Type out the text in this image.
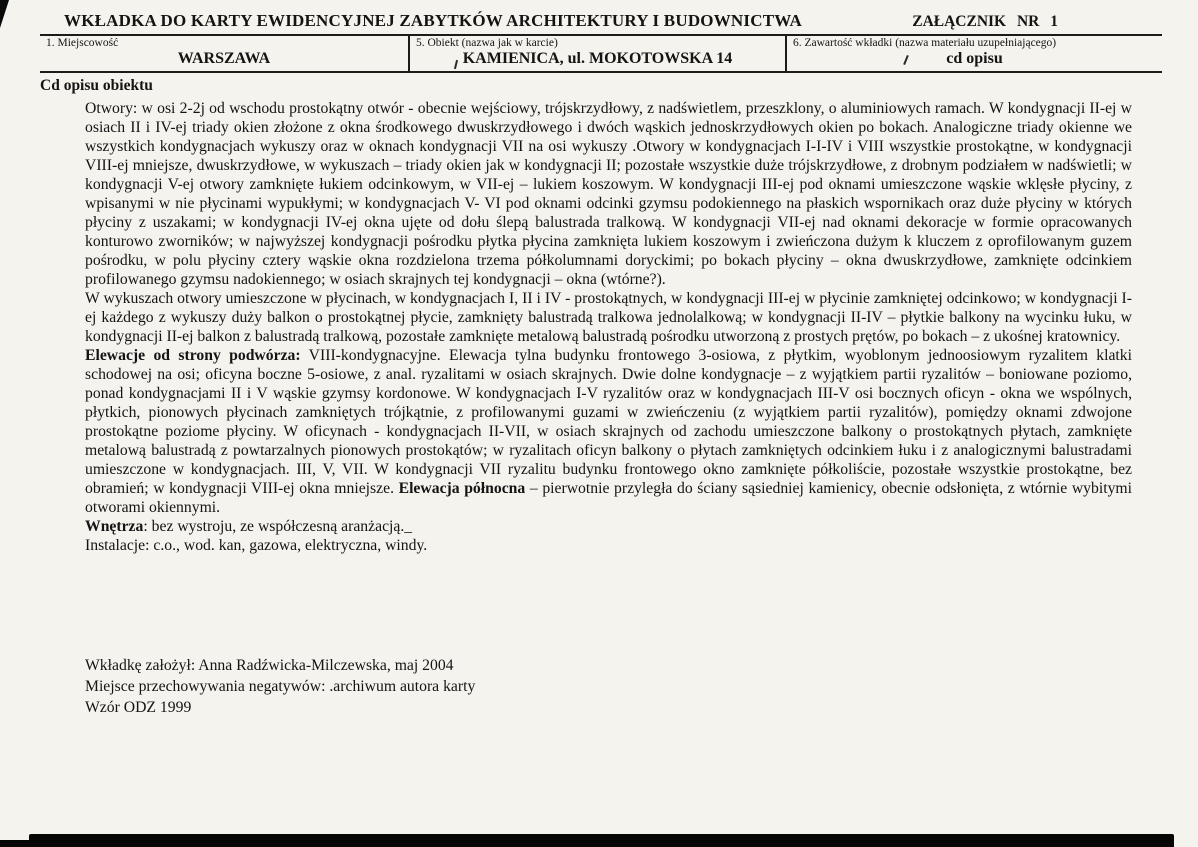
WKŁADKA DO KARTY EWIDENCYJNEJ ZABYTKÓW ARCHITEKTURY I BUDOWNICTWA	ZAŁĄCZNIK NR 1
1. Miejscowość
WARSZAWA
5. Obiekt (nazwa jak w karcie)
KAMIENICA, ul. MOKOTOWSKA 14
6. Zawartość wkładki (nazwa materiału uzupełniającego)
cd opisu
Cd opisu obiektu

Otwory: w osi 2-2j od wschodu prostokątny otwór - obecnie wejściowy, trójskrzydłowy, z nadświetlem, przeszklony, o aluminiowych ramach. W kondygnacji II-ej w osiach II i IV-ej triady okien złożone z okna środkowego dwuskrzydłowego i dwóch wąskich jednoskrzydłowych okien po bokach. Analogiczne triady okienne we wszystkich kondygnacjach wykuszy oraz w oknach kondygnacji VII na osi wykuszy .Otwory w kondygnacjach I-I-IV i VIII wszystkie prostokątne, w kondygnacji VIII-ej mniejsze, dwuskrzydłowe, w wykuszach – triady okien jak w kondygnacji II; pozostałe wszystkie duże trójskrzydłowe, z drobnym podziałem w nadświetli; w kondygnacji V-ej otwory zamknięte łukiem odcinkowym, w VII-ej – lukiem koszowym. W kondygnacji III-ej pod oknami umieszczone wąskie wklęsłe płyciny, z wpisanymi w nie płycinami wypukłymi; w kondygnacjach V- VI pod oknami odcinki gzymsu podokiennego na płaskich wspornikach oraz duże płyciny w których płyciny z uszakami; w kondygnacji IV-ej okna ujęte od dołu ślepą balustrada tralkową. W kondygnacji VII-ej nad oknami dekoracje w formie opracowanych konturowo zworników; w najwyższej kondygnacji pośrodku płytka płycina zamknięta lukiem koszowym i zwieńczona dużym k kluczem z oprofilowanym guzem pośrodku, w polu płyciny cztery wąskie okna rozdzielona trzema półkolumnami doryckimi; po bokach płyciny – okna dwuskrzydłowe, zamknięte odcinkiem profilowanego gzymsu nadokiennego; w osiach skrajnych tej kondygnacji – okna (wtórne?).

W wykuszach otwory umieszczone w płycinach, w kondygnacjach I, II i IV - prostokątnych, w kondygnacji III-ej w płycinie zamkniętej odcinkowo; w kondygnacji I-ej każdego z wykuszy duży balkon o prostokątnej płycie, zamknięty balustradą tralkowa jednolalkową; w kondygnacji II-IV – płytkie balkony na wycinku łuku, w kondygnacji II-ej balkon z balustradą tralkową, pozostałe zamknięte metalową balustradą pośrodku utworzoną z prostych prętów, po bokach – z ukośnej kratownicy.

Elewacje od strony podwórza: VIII-kondygnacyjne. Elewacja tylna budynku frontowego 3-osiowa, z płytkim, wyoblonym jednoosiowym ryzalitem klatki schodowej na osi; oficyna boczne 5-osiowe, z anal. ryzalitami w osiach skrajnych. Dwie dolne kondygnacje – z wyjątkiem partii ryzalitów – boniowane poziomo, ponad kondygnacjami II i V wąskie gzymsy kordonowe. W kondygnacjach I-V ryzalitów oraz w kondygnacjach III-V osi bocznych oficyn - okna we wspólnych, płytkich, pionowych płycinach zamkniętych trójkątnie, z profilowanymi guzami w zwieńczeniu (z wyjątkiem partii ryzalitów), pomiędzy oknami zdwojone prostokątne poziome płyciny. W oficynach - kondygnacjach II-VII, w osiach skrajnych od zachodu umieszczone balkony o prostokątnych płytach, zamknięte metalową balustradą z powtarzalnych pionowych prostokątów; w ryzalitach oficyn balkony o płytach zamkniętych odcinkiem łuku i z analogicznymi balustradami umieszczone w kondygnacjach. III, V, VII. W kondygnacji VII ryzalitu budynku frontowego okno zamknięte półkoliście, pozostałe wszystkie prostokątne, bez obramień; w kondygnacji VIII-ej okna mniejsze. Elewacja północna – pierwotnie przyległa do ściany sąsiedniej kamienicy, obecnie odsłonięta, z wtórnie wybitymi otworami okiennymi.

Wnętrza: bez wystroju, ze współczesną aranżacją._

Instalacje: c.o., wod. kan, gazowa, elektryczna, windy.

Wkładkę założył: Anna Radźwicka-Milczewska, maj 2004
Miejsce przechowywania negatywów: .archiwum autora karty
Wzór ODZ 1999
